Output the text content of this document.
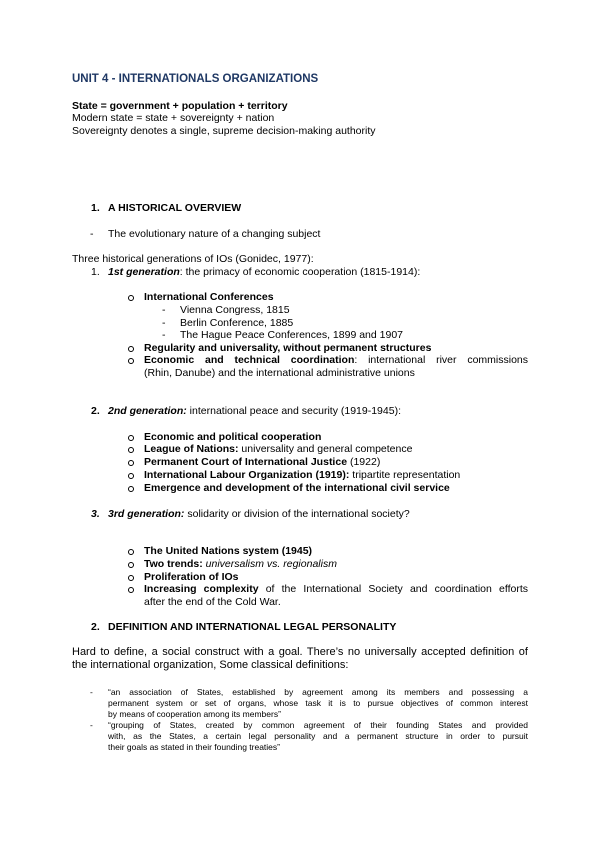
UNIT 4 - INTERNATIONALS ORGANIZATIONS
State = government + population + territory
Modern state = state + sovereignty + nation
Sovereignty denotes a single, supreme decision-making authority
1. A HISTORICAL OVERVIEW
- The evolutionary nature of a changing subject
Three historical generations of IOs (Gonidec, 1977):
1. 1st generation: the primacy of economic cooperation (1815-1914):
International Conferences
- Vienna Congress, 1815
- Berlin Conference, 1885
- The Hague Peace Conferences, 1899 and 1907
Regularity and universality, without permanent structures
Economic and technical coordination: international river commissions
(Rhin, Danube) and the international administrative unions
2. 2nd generation: international peace and security (1919-1945):
Economic and political cooperation
League of Nations: universality and general competence
Permanent Court of International Justice (1922)
International Labour Organization (1919): tripartite representation
Emergence and development of the international civil service
3. 3rd generation: solidarity or division of the international society?
The United Nations system (1945)
Two trends: universalism vs. regionalism
Proliferation of IOs
Increasing complexity of the International Society and coordination efforts
after the end of the Cold War.
2. DEFINITION AND INTERNATIONAL LEGAL PERSONALITY
Hard to define, a social construct with a goal. There’s no universally accepted definition of
the international organization, Some classical definitions:
- “an association of States, established by agreement among its members and possessing a
permanent system or set of organs, whose task it is to pursue objectives of common interest
by means of cooperation among its members”
- “grouping of States, created by common agreement of their founding States and provided
with, as the States, a certain legal personality and a permanent structure in order to pursuit
their goals as stated in their founding treaties”
